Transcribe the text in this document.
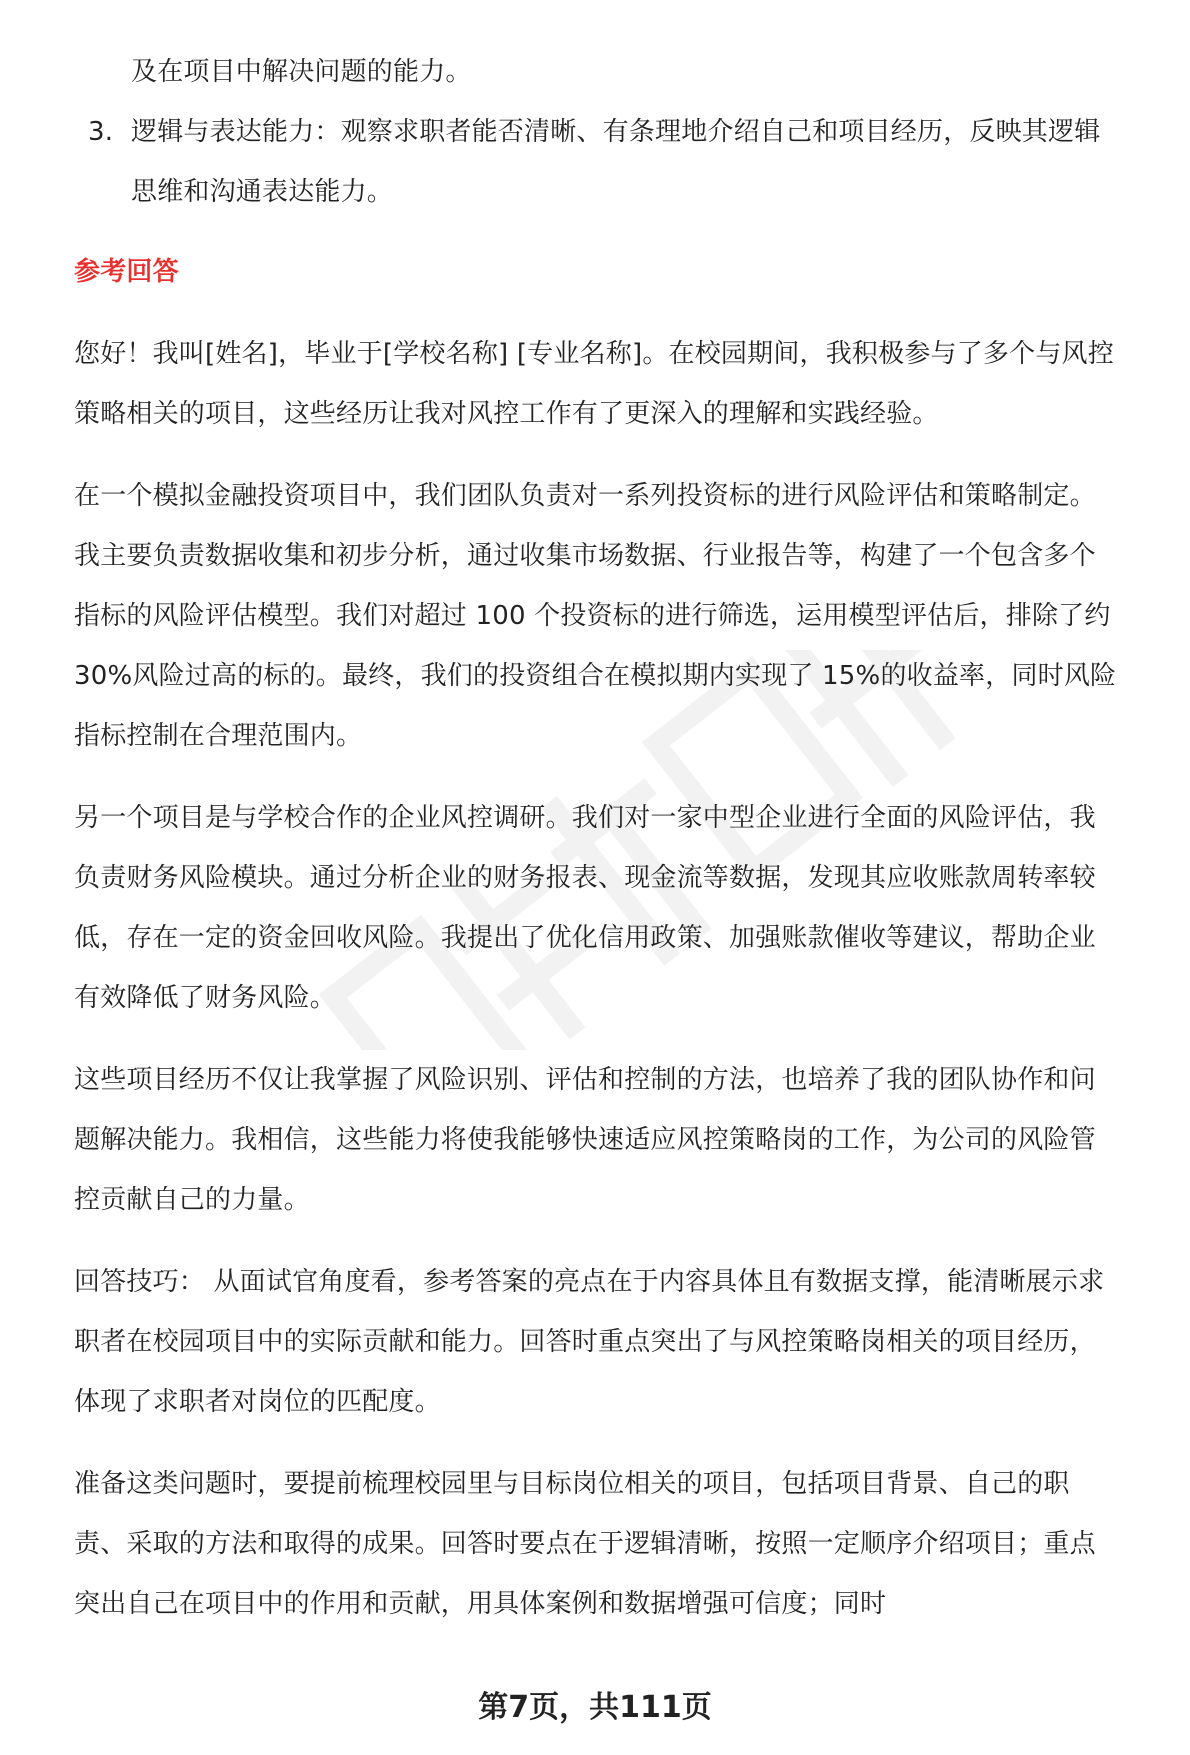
及在项目中解决问题的能力。

3. 逻辑与表达能力：观察求职者能否清晰、有条理地介绍自己和项目经历，反映其逻辑思维和沟通表达能力。

参考回答

您好！我叫[姓名]，毕业于[学校名称] [专业名称]。在校园期间，我积极参与了多个与风控策略相关的项目，这些经历让我对风控工作有了更深入的理解和实践经验。

在一个模拟金融投资项目中，我们团队负责对一系列投资标的进行风险评估和策略制定。我主要负责数据收集和初步分析，通过收集市场数据、行业报告等，构建了一个包含多个指标的风险评估模型。我们对超过 100 个投资标的进行筛选，运用模型评估后，排除了约 30%风险过高的标的。最终，我们的投资组合在模拟期内实现了 15%的收益率，同时风险指标控制在合理范围内。

另一个项目是与学校合作的企业风控调研。我们对一家中型企业进行全面的风险评估，我负责财务风险模块。通过分析企业的财务报表、现金流等数据，发现其应收账款周转率较低，存在一定的资金回收风险。我提出了优化信用政策、加强账款催收等建议，帮助企业有效降低了财务风险。

这些项目经历不仅让我掌握了风险识别、评估和控制的方法，也培养了我的团队协作和问题解决能力。我相信，这些能力将使我能够快速适应风控策略岗的工作，为公司的风险管控贡献自己的力量。

回答技巧： 从面试官角度看，参考答案的亮点在于内容具体且有数据支撑，能清晰展示求职者在校园项目中的实际贡献和能力。回答时重点突出了与风控策略岗相关的项目经历，体现了求职者对岗位的匹配度。

准备这类问题时，要提前梳理校园里与目标岗位相关的项目，包括项目背景、自己的职责、采取的方法和取得的成果。回答时要点在于逻辑清晰，按照一定顺序介绍项目；重点突出自己在项目中的作用和贡献，用具体案例和数据增强可信度；同时

第7页，共111页
